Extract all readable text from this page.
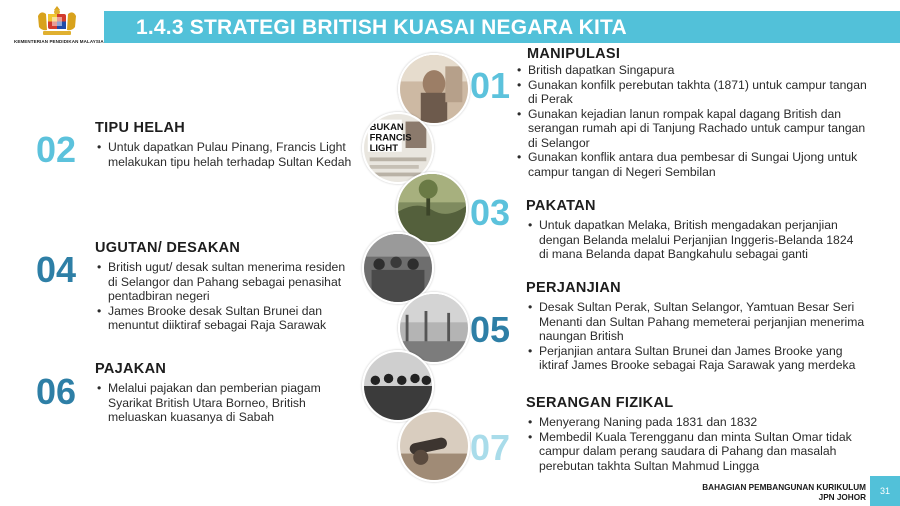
KEMENTERIAN PENDIDIKAN MALAYSIA
1.4.3 STRATEGI BRITISH KUASAI NEGARA KITA
BUKAN
FRANCIS
LIGHT
01
MANIPULASI
• British dapatkan Singapura
• Gunakan konfilk perebutan takhta (1871) untuk campur tangan di Perak
• Gunakan kejadian lanun rompak kapal dagang British dan serangan rumah api di Tanjung Rachado untuk campur tangan di Selangor
• Gunakan konflik antara dua pembesar di Sungai Ujong untuk campur tangan di Negeri Sembilan
02
TIPU HELAH
• Untuk dapatkan Pulau Pinang, Francis Light melakukan tipu helah terhadap Sultan Kedah
03 PAKATAN
• Untuk dapatkan Melaka, British mengadakan perjanjian dengan Belanda melalui Perjanjian Inggeris-Belanda 1824 di mana Belanda dapat Bangkahulu sebagai ganti
04
UGUTAN/ DESAKAN
• British ugut/ desak sultan menerima residen di Selangor dan Pahang sebagai penasihat pentadbiran negeri
• James Brooke desak Sultan Brunei dan menuntut diiktiraf sebagai Raja Sarawak	05
PERJANJIAN
• Desak Sultan Perak, Sultan Selangor, Yamtuan Besar Seri Menanti dan Sultan Pahang memeterai perjanjian menerima naungan British
• Perjanjian antara Sultan Brunei dan James Brooke yang iktiraf James Brooke sebagai Raja Sarawak yang merdeka
06
PAJAKAN
• Melalui pajakan dan pemberian piagam Syarikat British Utara Borneo, British meluaskan kuasanya di Sabah
07
SERANGAN FIZIKAL
• Menyerang Naning pada 1831 dan 1832
• Membedil Kuala Terengganu dan minta Sultan Omar tidak campur dalam perang saudara di Pahang dan masalah perebutan takhta Sultan Mahmud Lingga
BAHAGIAN PEMBANGUNAN KURIKULUM
JPN JOHOR
31
